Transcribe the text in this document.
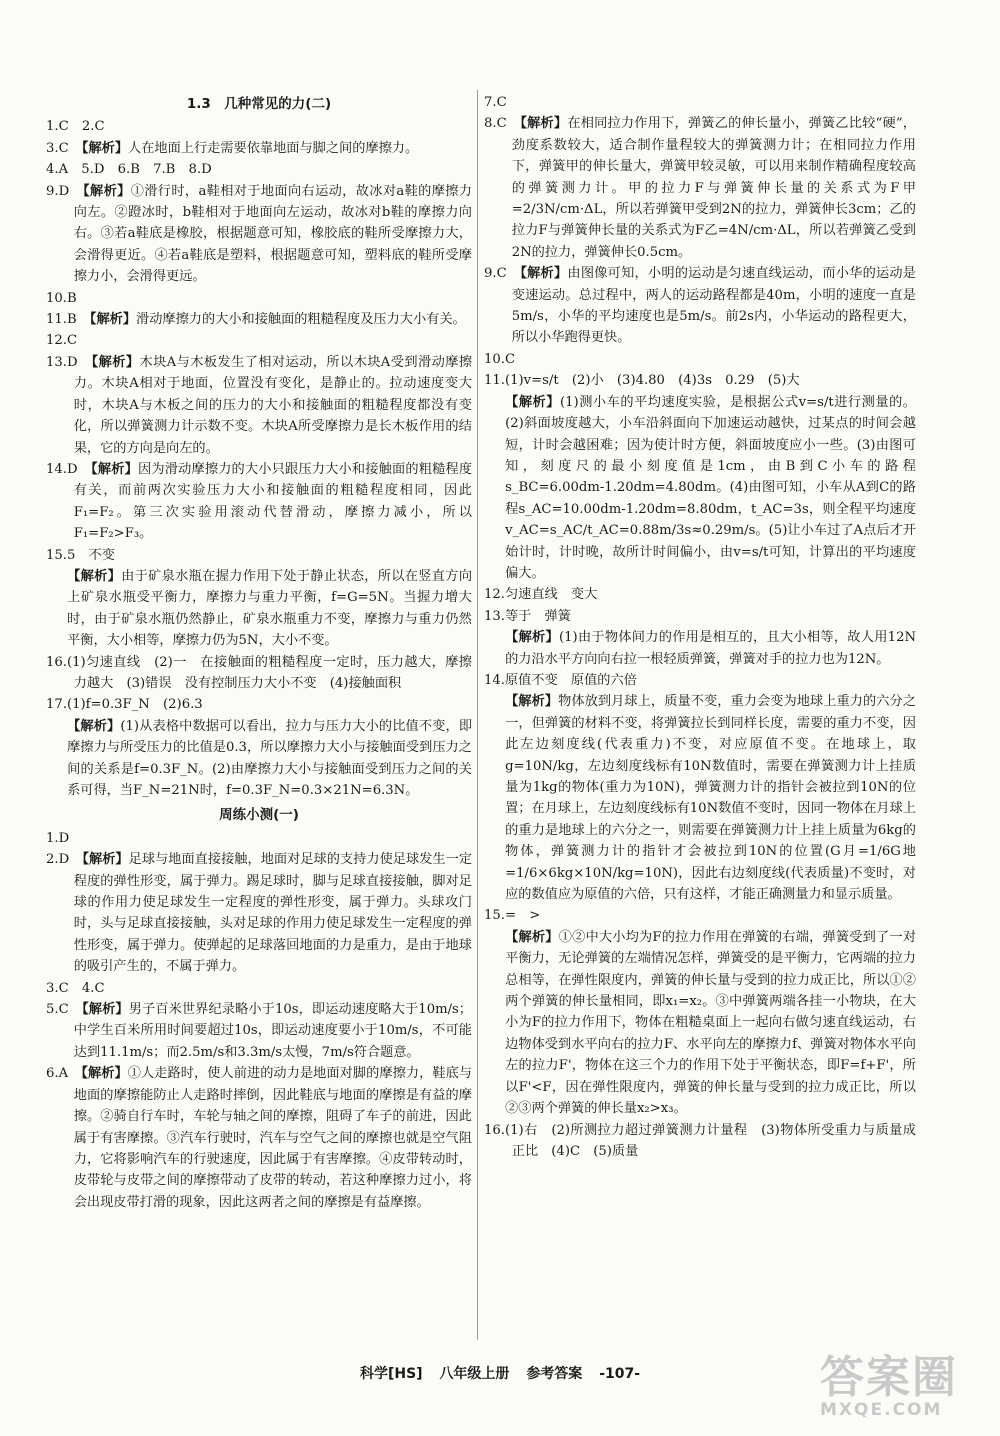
1.3　几种常见的力(二)

1.C　2.C

3.C　【解析】人在地面上行走需要依靠地面与脚之间的摩擦力。

4.A　5.D　6.B　7.B　8.D

9.D　【解析】①滑行时，a鞋相对于地面向右运动，故冰对a鞋的摩擦力向左。②蹬冰时，b鞋相对于地面向左运动，故冰对b鞋的摩擦力向右。③若a鞋底是橡胶，根据题意可知，橡胶底的鞋所受摩擦力大，会滑得更近。④若a鞋底是塑料，根据题意可知，塑料底的鞋所受摩擦力小，会滑得更远。

10.B

11.B　【解析】滑动摩擦力的大小和接触面的粗糙程度及压力大小有关。

12.C

13.D　【解析】木块A与木板发生了相对运动，所以木块A受到滑动摩擦力。木块A相对于地面，位置没有变化，是静止的。拉动速度变大时，木块A与木板之间的压力的大小和接触面的粗糙程度都没有变化，所以弹簧测力计示数不变。木块A所受摩擦力是长木板作用的结果，它的方向是向左的。

14.D　【解析】因为滑动摩擦力的大小只跟压力大小和接触面的粗糙程度有关，而前两次实验压力大小和接触面的粗糙程度相同，因此F₁=F₂。第三次实验用滚动代替滑动，摩擦力减小，所以F₁=F₂>F₃。

15.5　不变

【解析】由于矿泉水瓶在握力作用下处于静止状态，所以在竖直方向上矿泉水瓶受平衡力，摩擦力与重力平衡，f=G=5N。当握力增大时，由于矿泉水瓶仍然静止，矿泉水瓶重力不变，摩擦力与重力仍然平衡，大小相等，摩擦力仍为5N，大小不变。

16.(1)匀速直线　(2)一　在接触面的粗糙程度一定时，压力越大，摩擦力越大　(3)错误　没有控制压力大小不变　(4)接触面积

17.(1)f=0.3F_N　(2)6.3

【解析】(1)从表格中数据可以看出，拉力与压力大小的比值不变，即摩擦力与所受压力的比值是0.3，所以摩擦力大小与接触面受到压力之间的关系是f=0.3F_N。(2)由摩擦力大小与接触面受到压力之间的关系可得，当F_N=21N时，f=0.3F_N=0.3×21N=6.3N。

周练小测(一)

1.D

2.D　【解析】足球与地面直接接触，地面对足球的支持力使足球发生一定程度的弹性形变，属于弹力。踢足球时，脚与足球直接接触，脚对足球的作用力使足球发生一定程度的弹性形变，属于弹力。头球攻门时，头与足球直接接触，头对足球的作用力使足球发生一定程度的弹性形变，属于弹力。使弹起的足球落回地面的力是重力，是由于地球的吸引产生的，不属于弹力。

3.C　4.C

5.C　【解析】男子百米世界纪录略小于10s，即运动速度略大于10m/s；中学生百米所用时间要超过10s，即运动速度要小于10m/s，不可能达到11.1m/s；而2.5m/s和3.3m/s太慢，7m/s符合题意。

6.A　【解析】①人走路时，使人前进的动力是地面对脚的摩擦力，鞋底与地面的摩擦能防止人走路时摔倒，因此鞋底与地面的摩擦是有益的摩擦。②骑自行车时，车轮与轴之间的摩擦，阻碍了车子的前进，因此属于有害摩擦。③汽车行驶时，汽车与空气之间的摩擦也就是空气阻力，它将影响汽车的行驶速度，因此属于有害摩擦。④皮带转动时，皮带轮与皮带之间的摩擦带动了皮带的转动，若这种摩擦力过小，将会出现皮带打滑的现象，因此这两者之间的摩擦是有益摩擦。

7.C

8.C　【解析】在相同拉力作用下，弹簧乙的伸长量小，弹簧乙比较“硬”，劲度系数较大，适合制作量程较大的弹簧测力计；在相同拉力作用下，弹簧甲的伸长量大，弹簧甲较灵敏，可以用来制作精确程度较高的弹簧测力计。甲的拉力F与弹簧伸长量的关系式为F甲=2/3N/cm·ΔL，所以若弹簧甲受到2N的拉力，弹簧伸长3cm；乙的拉力F与弹簧伸长量的关系式为F乙=4N/cm·ΔL，所以若弹簧乙受到2N的拉力，弹簧伸长0.5cm。

9.C　【解析】由图像可知，小明的运动是匀速直线运动，而小华的运动是变速运动。总过程中，两人的运动路程都是40m，小明的速度一直是5m/s，小华的平均速度也是5m/s。前2s内，小华运动的路程更大，所以小华跑得更快。

10.C

11.(1)v=s/t　(2)小　(3)4.80　(4)3s　0.29　(5)大

【解析】(1)测小车的平均速度实验，是根据公式v=s/t进行测量的。(2)斜面坡度越大，小车沿斜面向下加速运动越快，过某点的时间会越短，计时会越困难；因为使计时方便，斜面坡度应小一些。(3)由图可知，刻度尺的最小刻度值是1cm，由B到C小车的路程s_BC=6.00dm-1.20dm=4.80dm。(4)由图可知，小车从A到C的路程s_AC=10.00dm-1.20dm=8.80dm，t_AC=3s，则全程平均速度v_AC=s_AC/t_AC=0.88m/3s≈0.29m/s。(5)让小车过了A点后才开始计时，计时晚，故所计时间偏小，由v=s/t可知，计算出的平均速度偏大。

12.匀速直线　变大

13.等于　弹簧

【解析】(1)由于物体间力的作用是相互的，且大小相等，故人用12N的力沿水平方向向右拉一根轻质弹簧，弹簧对手的拉力也为12N。

14.原值不变　原值的六倍

【解析】物体放到月球上，质量不变，重力会变为地球上重力的六分之一，但弹簧的材料不变，将弹簧拉长到同样长度，需要的重力不变，因此左边刻度线(代表重力)不变，对应原值不变。在地球上，取g=10N/kg，左边刻度线标有10N数值时，需要在弹簧测力计上挂质量为1kg的物体(重力为10N)，弹簧测力计的指针会被拉到10N的位置；在月球上，左边刻度线标有10N数值不变时，因同一物体在月球上的重力是地球上的六分之一，则需要在弹簧测力计上挂上质量为6kg的物体，弹簧测力计的指针才会被拉到10N的位置(G月=1/6G地=1/6×6kg×10N/kg=10N)，因此右边刻度线(代表质量)不变时，对应的数值应为原值的六倍，只有这样，才能正确测量力和显示质量。

15.=　>

【解析】①②中大小均为F的拉力作用在弹簧的右端，弹簧受到了一对平衡力，无论弹簧的左端情况怎样，弹簧受的是平衡力，它两端的拉力总相等，在弹性限度内，弹簧的伸长量与受到的拉力成正比，所以①②两个弹簧的伸长量相同，即x₁=x₂。③中弹簧两端各挂一小物块，在大小为F的拉力作用下，物体在粗糙桌面上一起向右做匀速直线运动，右边物体受到水平向右的拉力F、水平向左的摩擦力f、弹簧对物体水平向左的拉力F'，物体在这三个力的作用下处于平衡状态，即F=f+F'，所以F'<F，因在弹性限度内，弹簧的伸长量与受到的拉力成正比，所以②③两个弹簧的伸长量x₂>x₃。

16.(1)右　(2)所测拉力超过弹簧测力计量程　(3)物体所受重力与质量成正比　(4)C　(5)质量

科学[HS] 八年级上册 参考答案 -107-	答案圈
MXQE.COM
